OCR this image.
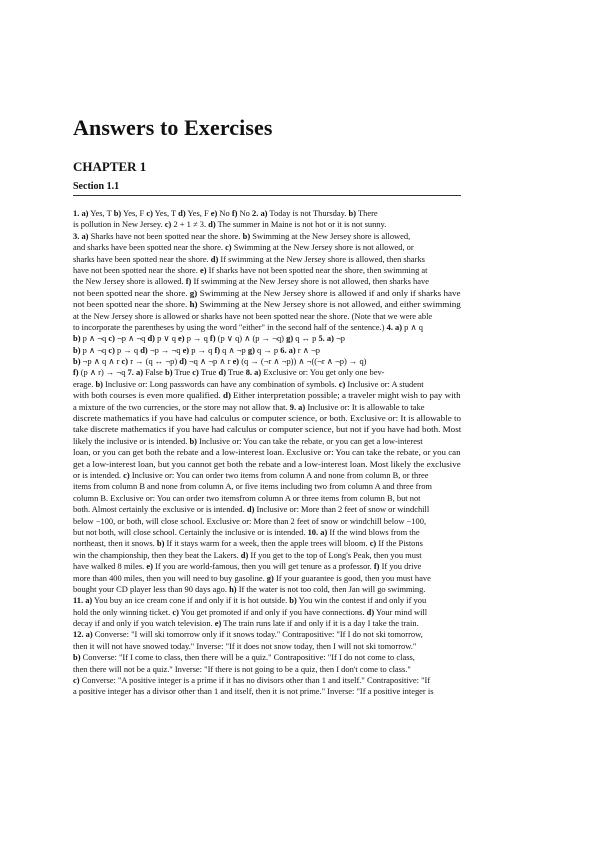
Answers to Exercises
CHAPTER 1
Section 1.1
1. a) Yes, T b) Yes, F c) Yes, T d) Yes, F e) No f) No 2. a) Today is not Thursday. b) There
is pollution in New Jersey. c) 2 + 1 ≠ 3. d) The summer in Maine is not hot or it is not sunny.
3. a) Sharks have not been spotted near the shore. b) Swimming at the New Jersey shore is allowed,
and sharks have been spotted near the shore. c) Swimming at the New Jersey shore is not allowed, or
sharks have been spotted near the shore. d) If swimming at the New Jersey shore is allowed, then sharks
have not been spotted near the shore. e) If sharks have not been spotted near the shore, then swimming at
the New Jersey shore is allowed. f) If swimming at the New Jersey shore is not allowed, then sharks have
not been spotted near the shore. g) Swimming at the New Jersey shore is allowed if and only if sharks have
not been spotted near the shore. h) Swimming at the New Jersey shore is not allowed, and either swimming
at the New Jersey shore is allowed or sharks have not been spotted near the shore. (Note that we were able
to incorporate the parentheses by using the word "either" in the second half of the sentence.) 4. a) p ∧ q
b) p ∧ ¬q c) ¬p ∧ ¬q d) p ∨ q e) p → q f) (p ∨ q) ∧ (p → ¬q) g) q ↔ p 5. a) ¬p
b) p ∧ ¬q c) p → q d) ¬p → ¬q e) p → q f) q ∧ ¬p g) q → p 6. a) r ∧ ¬p
b) ¬p ∧ q ∧ r c) r → (q ↔ ¬p) d) ¬q ∧ ¬p ∧ r e) (q → (¬r ∧ ¬p)) ∧ ¬((¬r ∧ ¬p) → q)
f) (p ∧ r) → ¬q 7. a) False b) True c) True d) True 8. a) Exclusive or: You get only one bev-
erage. b) Inclusive or: Long passwords can have any combination of symbols. c) Inclusive or: A student
with both courses is even more qualified. d) Either interpretation possible; a traveler might wish to pay with
a mixture of the two currencies, or the store may not allow that. 9. a) Inclusive or: It is allowable to take
discrete mathematics if you have had calculus or computer science, or both. Exclusive or: It is allowable to
take discrete mathematics if you have had calculus or computer science, but not if you have had both. Most
likely the inclusive or is intended. b) Inclusive or: You can take the rebate, or you can get a low-interest
loan, or you can get both the rebate and a low-interest loan. Exclusive or: You can take the rebate, or you can
get a low-interest loan, but you cannot get both the rebate and a low-interest loan. Most likely the exclusive
or is intended. c) Inclusive or: You can order two items from column A and none from column B, or three
items from column B and none from column A, or five items including two from column A and three from
column B. Exclusive or: You can order two itemsfrom column A or three items from column B, but not
both. Almost certainly the exclusive or is intended. d) Inclusive or: More than 2 feet of snow or windchill
below −100, or both, will close school. Exclusive or: More than 2 feet of snow or windchill below −100,
but not both, will close school. Certainly the inclusive or is intended. 10. a) If the wind blows from the
northeast, then it snows. b) If it stays warm for a week, then the apple trees will bloom. c) If the Pistons
win the championship, then they beat the Lakers. d) If you get to the top of Long's Peak, then you must
have walked 8 miles. e) If you are world-famous, then you will get tenure as a professor. f) If you drive
more than 400 miles, then you will need to buy gasoline. g) If your guarantee is good, then you must have
bought your CD player less than 90 days ago. h) If the water is not too cold, then Jan will go swimming.
11. a) You buy an ice cream cone if and only if it is hot outside. b) You win the contest if and only if you
hold the only winning ticket. c) You get promoted if and only if you have connections. d) Your mind will
decay if and only if you watch television. e) The train runs late if and only if it is a day I take the train.
12. a) Converse: "I will ski tomorrow only if it snows today." Contrapositive: "If I do not ski tomorrow,
then it will not have snowed today." Inverse: "If it does not snow today, then I will not ski tomorrow."
b) Converse: "If I come to class, then there will be a quiz." Contrapositive: "If I do not come to class,
then there will not be a quiz." Inverse: "If there is not going to be a quiz, then I don't come to class."
c) Converse: "A positive integer is a prime if it has no divisors other than 1 and itself." Contrapositive: "If
a positive integer has a divisor other than 1 and itself, then it is not prime." Inverse: "If a positive integer is
